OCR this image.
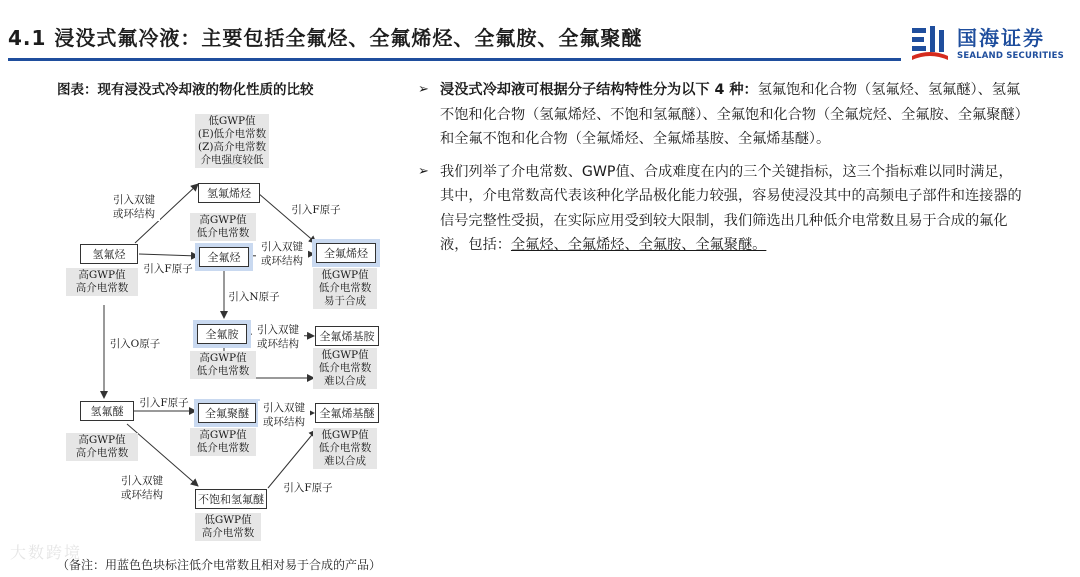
4.1 浸没式氟冷液：主要包括全氟烃、全氟烯烃、全氟胺、全氟聚醚	国海证券
SEALAND SECURITIES
图表：现有浸没式冷却液的物化性质的比较
低GWP值
(E)低介电常数
(Z)高介电常数
介电强度较低
高GWP值
低介电常数
高GWP值
高介电常数
低GWP值
低介电常数
易于合成
高GWP值
低介电常数
低GWP值
低介电常数
难以合成
高GWP值
高介电常数
高GWP值
低介电常数
低GWP值
低介电常数
难以合成
低GWP值
高介电常数
氢氟烯烃
氢氟烃	全氟烃	全氟烯烃
全氟胺	全氟烯基胺
氢氟醚	全氟聚醚	全氟烯基醚
不饱和氢氟醚
引入双键
或环结构	引入F原子
引入F原子
引入双键
或环结构
引入N原子
引入双键
或环结构
引入O原子
引入F原子	引入双键
或环结构
引入双键
或环结构
引入F原子
大数跨境
（备注：用蓝色色块标注低介电常数且相对易于合成的产品）
➢ 浸没式冷却液可根据分子结构特性分为以下 4 种：氢氟饱和化合物（氢氟烃、氢氟醚）、氢氟不饱和化合物（氢氟烯烃、不饱和氢氟醚）、全氟饱和化合物（全氟烷烃、全氟胺、全氟聚醚）和全氟不饱和化合物（全氟烯烃、全氟烯基胺、全氟烯基醚）。
➢ 我们列举了介电常数、GWP值、合成难度在内的三个关键指标，这三个指标难以同时满足，其中，介电常数高代表该种化学品极化能力较强，容易使浸没其中的高频电子部件和连接器的信号完整性受损，在实际应用受到较大限制，我们筛选出几种低介电常数且易于合成的氟化液，包括：全氟烃、全氟烯烃、全氟胺、全氟聚醚。
